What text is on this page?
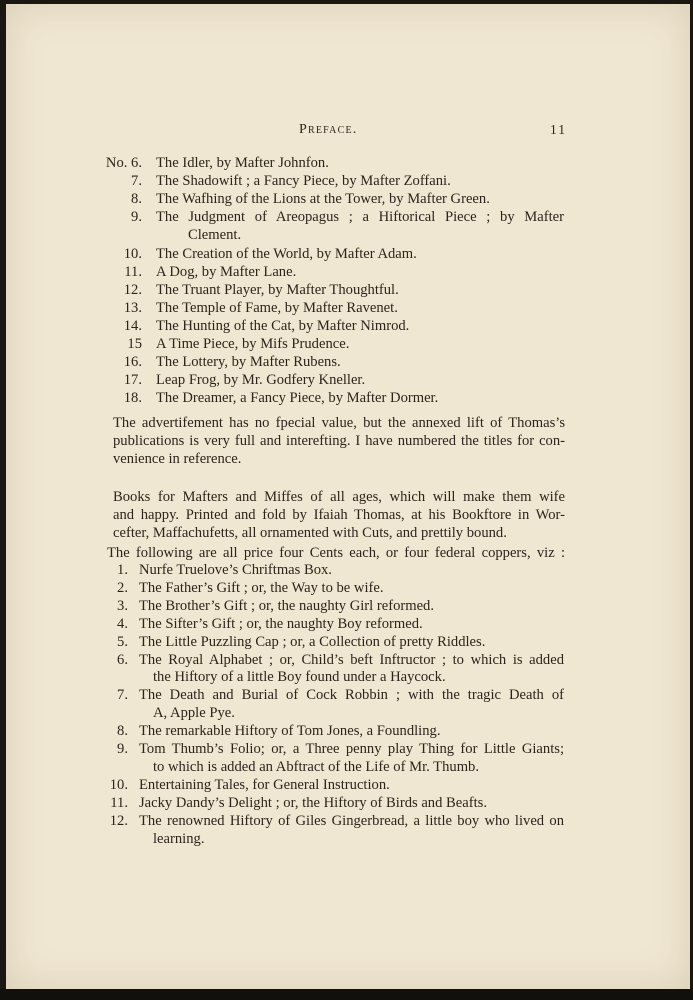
Preface.	11
No. 6. The Idler, by Mafter Johnfon.
7. The Shadowift ; a Fancy Piece, by Mafter Zoffani.
8. The Wafhing of the Lions at the Tower, by Mafter Green.
9. The Judgment of Areopagus ; a Hiftorical Piece ; by Mafter
Clement.
10. The Creation of the World, by Mafter Adam.
11. A Dog, by Mafter Lane.
12. The Truant Player, by Mafter Thoughtful.
13. The Temple of Fame, by Mafter Ravenet.
14. The Hunting of the Cat, by Mafter Nimrod.
15 A Time Piece, by Mifs Prudence.
16. The Lottery, by Mafter Rubens.
17. Leap Frog, by Mr. Godfery Kneller.
18. The Dreamer, a Fancy Piece, by Mafter Dormer.
The advertifement has no fpecial value, but the annexed lift of Thomas’s
publications is very full and interefting. I have numbered the titles for con-
venience in reference.
Books for Mafters and Miffes of all ages, which will make them wife
and happy. Printed and fold by Ifaiah Thomas, at his Bookftore in Wor-
cefter, Maffachufetts, all ornamented with Cuts, and prettily bound.
The following are all price four Cents each, or four federal coppers, viz :
1. Nurfe Truelove’s Chriftmas Box.
2. The Father’s Gift ; or, the Way to be wife.
3. The Brother’s Gift ; or, the naughty Girl reformed.
4. The Sifter’s Gift ; or, the naughty Boy reformed.
5. The Little Puzzling Cap ; or, a Collection of pretty Riddles.
6. The Royal Alphabet ; or, Child’s beft Inftructor ; to which is added
the Hiftory of a little Boy found under a Haycock.
7. The Death and Burial of Cock Robbin ; with the tragic Death of
A, Apple Pye.
8. The remarkable Hiftory of Tom Jones, a Foundling.
9. Tom Thumb’s Folio; or, a Three penny play Thing for Little Giants;
to which is added an Abftract of the Life of Mr. Thumb.
10. Entertaining Tales, for General Instruction.
11. Jacky Dandy’s Delight ; or, the Hiftory of Birds and Beafts.
12. The renowned Hiftory of Giles Gingerbread, a little boy who lived on
learning.
